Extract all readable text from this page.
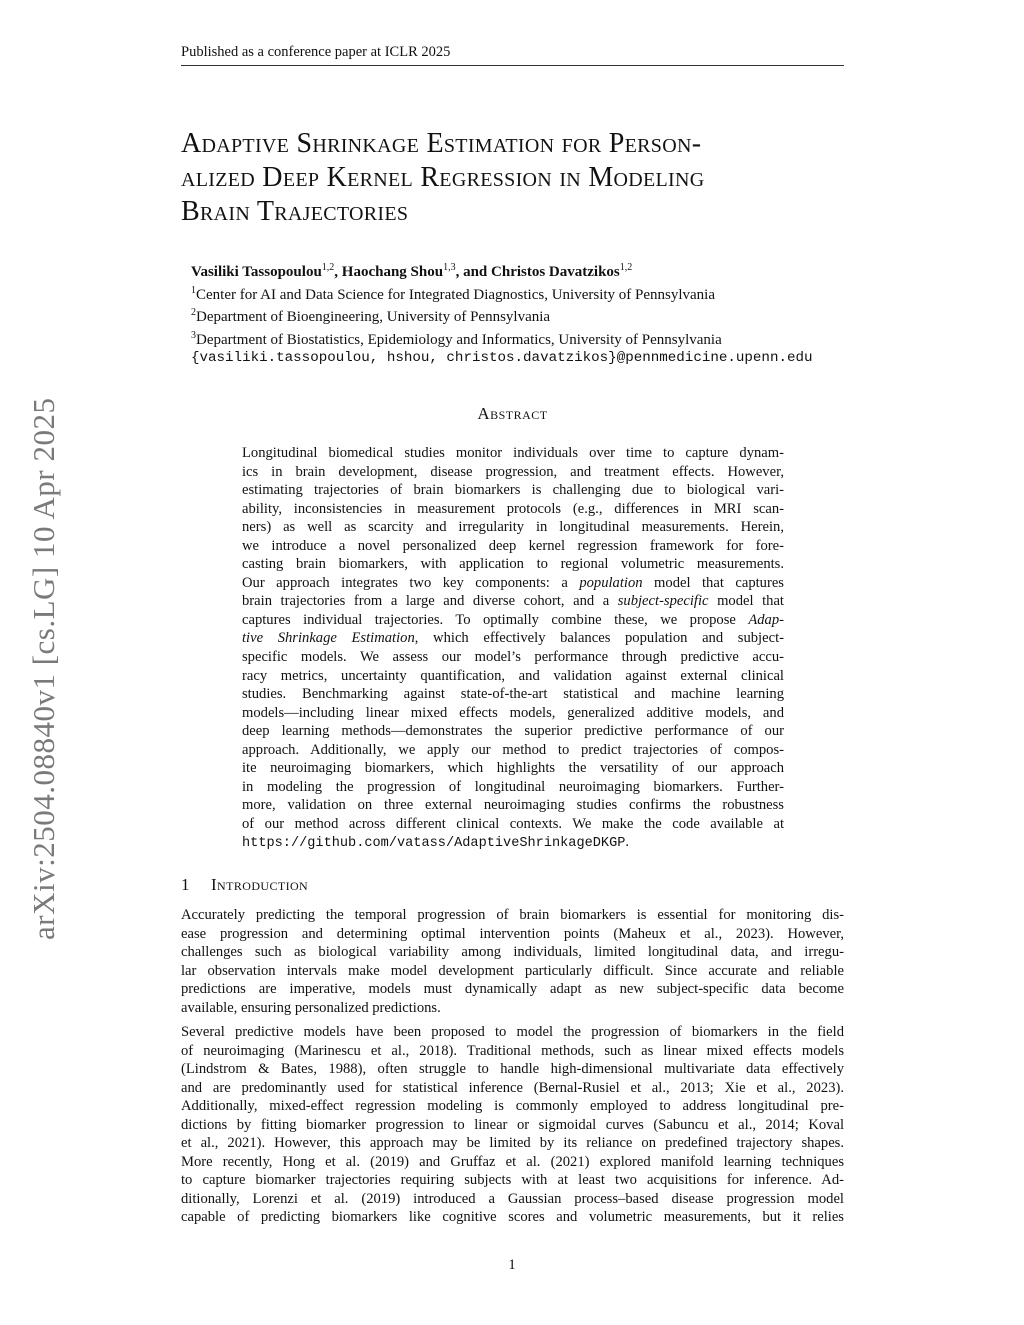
Published as a conference paper at ICLR 2025
arXiv:2504.08840v1 [cs.LG] 10 Apr 2025
Adaptive Shrinkage Estimation for Person-
alized Deep Kernel Regression in Modeling
Brain Trajectories
Vasiliki Tassopoulou$^{1,2}$, Haochang Shou$^{1,3}$, and Christos Davatzikos$^{1,2}$
$^1$Center for AI and Data Science for Integrated Diagnostics, University of Pennsylvania
$^2$Department of Bioengineering, University of Pennsylvania
$^3$Department of Biostatistics, Epidemiology and Informatics, University of Pennsylvania
{vasiliki.tassopoulou, hshou, christos.davatzikos}@pennmedicine.upenn.edu
Abstract
Longitudinal biomedical studies monitor individuals over time to capture dynam-
ics in brain development, disease progression, and treatment effects. However,
estimating trajectories of brain biomarkers is challenging due to biological vari-
ability, inconsistencies in measurement protocols (e.g., differences in MRI scan-
ners) as well as scarcity and irregularity in longitudinal measurements. Herein,
we introduce a novel personalized deep kernel regression framework for fore-
casting brain biomarkers, with application to regional volumetric measurements.
Our approach integrates two key components: a population model that captures
brain trajectories from a large and diverse cohort, and a subject-specific model that
captures individual trajectories. To optimally combine these, we propose Adap-
tive Shrinkage Estimation, which effectively balances population and subject-
specific models. We assess our model’s performance through predictive accu-
racy metrics, uncertainty quantification, and validation against external clinical
studies. Benchmarking against state-of-the-art statistical and machine learning
models—including linear mixed effects models, generalized additive models, and
deep learning methods—demonstrates the superior predictive performance of our
approach. Additionally, we apply our method to predict trajectories of compos-
ite neuroimaging biomarkers, which highlights the versatility of our approach
in modeling the progression of longitudinal neuroimaging biomarkers. Further-
more, validation on three external neuroimaging studies confirms the robustness
of our method across different clinical contexts. We make the code available at
https://github.com/vatass/AdaptiveShrinkageDKGP.
1 Introduction
Accurately predicting the temporal progression of brain biomarkers is essential for monitoring dis-
ease progression and determining optimal intervention points (Maheux et al., 2023). However,
challenges such as biological variability among individuals, limited longitudinal data, and irregu-
lar observation intervals make model development particularly difficult. Since accurate and reliable
predictions are imperative, models must dynamically adapt as new subject-specific data become
available, ensuring personalized predictions.
Several predictive models have been proposed to model the progression of biomarkers in the field
of neuroimaging (Marinescu et al., 2018). Traditional methods, such as linear mixed effects models
(Lindstrom & Bates, 1988), often struggle to handle high-dimensional multivariate data effectively
and are predominantly used for statistical inference (Bernal-Rusiel et al., 2013; Xie et al., 2023).
Additionally, mixed-effect regression modeling is commonly employed to address longitudinal pre-
dictions by fitting biomarker progression to linear or sigmoidal curves (Sabuncu et al., 2014; Koval
et al., 2021). However, this approach may be limited by its reliance on predefined trajectory shapes.
More recently, Hong et al. (2019) and Gruffaz et al. (2021) explored manifold learning techniques
to capture biomarker trajectories requiring subjects with at least two acquisitions for inference. Ad-
ditionally, Lorenzi et al. (2019) introduced a Gaussian process–based disease progression model
capable of predicting biomarkers like cognitive scores and volumetric measurements, but it relies
1
